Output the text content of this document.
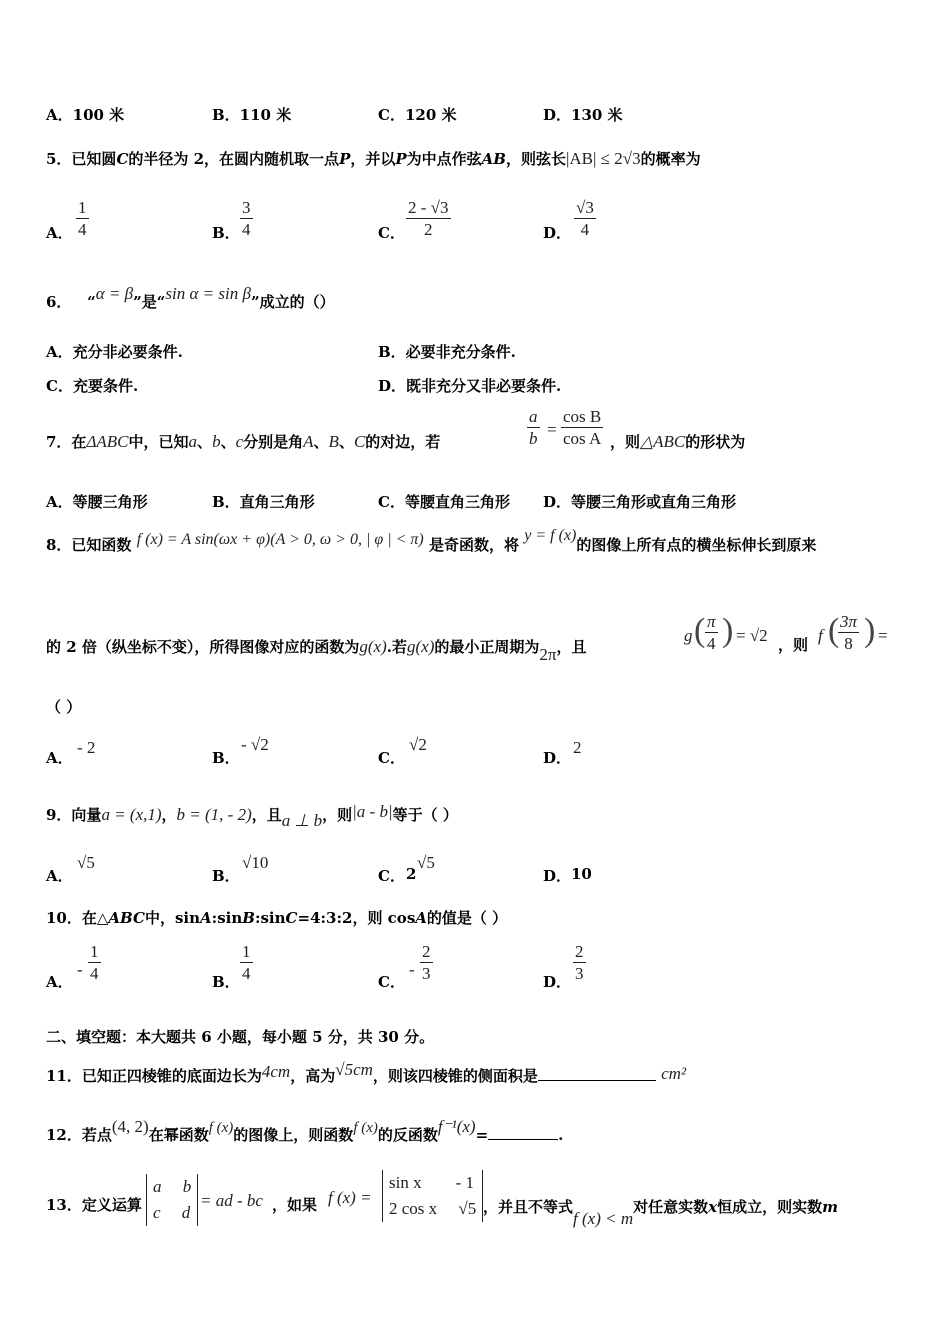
A．100 米	B．110 米	C．120 米	D．130 米
5．已知圆C的半径为 2，在圆内随机取一点P，并以P为中点作弦AB，则弦长|AB| ≤ 2√3的概率为
A． $\frac{1}{4}$	B． $\frac{3}{4}$	C． $\frac{2 - √3}{2}$	D． $\frac{√3}{4}$
6． “α = β”是“sin α = sin β”成立的（）
A．充分非必要条件.	B．必要非充分条件.
C．充要条件.	D．既非充分又非必要条件.
7．在ΔABC中，已知a、b、c分别是角A、B、C的对边，若	$\frac{a}{b} = \frac{\text{cos B}}{\text{cos A}}$ ，则△ABC的形状为
A．等腰三角形	B．直角三角形	C．等腰直角三角形 D．等腰三角形或直角三角形
8．已知函数 f (x) = A sin(ωx + φ)(A > 0, ω > 0, | φ | < π) 是奇函数，将 y = f (x)的图像上所有点的横坐标伸长到原来
的 2 倍（纵坐标不变），所得图像对应的函数为g(x).若g(x)的最小正周期为2π，且
g ( $\frac{\pi}{4}$ ) = √2 ，则 f (
$\frac{3\pi}{8}$ ) =
（ ）
A．
- 2
B．
- √2
C．
√2
D．
2
9．向量a = (x,1)，b = (1, - 2)，且a ⊥ b，则|a - b|等于（ ）
A．
√5
B．
√10
C． 2
√5
D． 10
10．在△ABC中，sinA:sinB:sinC=4:3:2，则 cosA的值是（ ）
A．
- $\frac{1}{4}$	B． $\frac{1}{4}$	C．
- $\frac{2}{3}$	D． $\frac{2}{3}$
二、填空题：本大题共 6 小题，每小题 5 分，共 30 分。
11．已知正四棱锥的底面边长为4cm，高为√5cm，则该四棱锥的侧面积是	cm²
12．若点(4, 2)在幂函数f (x)的图像上，则函数f (x)的反函数f⁻¹(x)=	.
13．定义运算
a b
c d
= ad - bc ，如果 f (x) =
sin x - 1
2 cos x √5 ，并且不等式f (x) < m对任意实数x恒成立，则实数m
